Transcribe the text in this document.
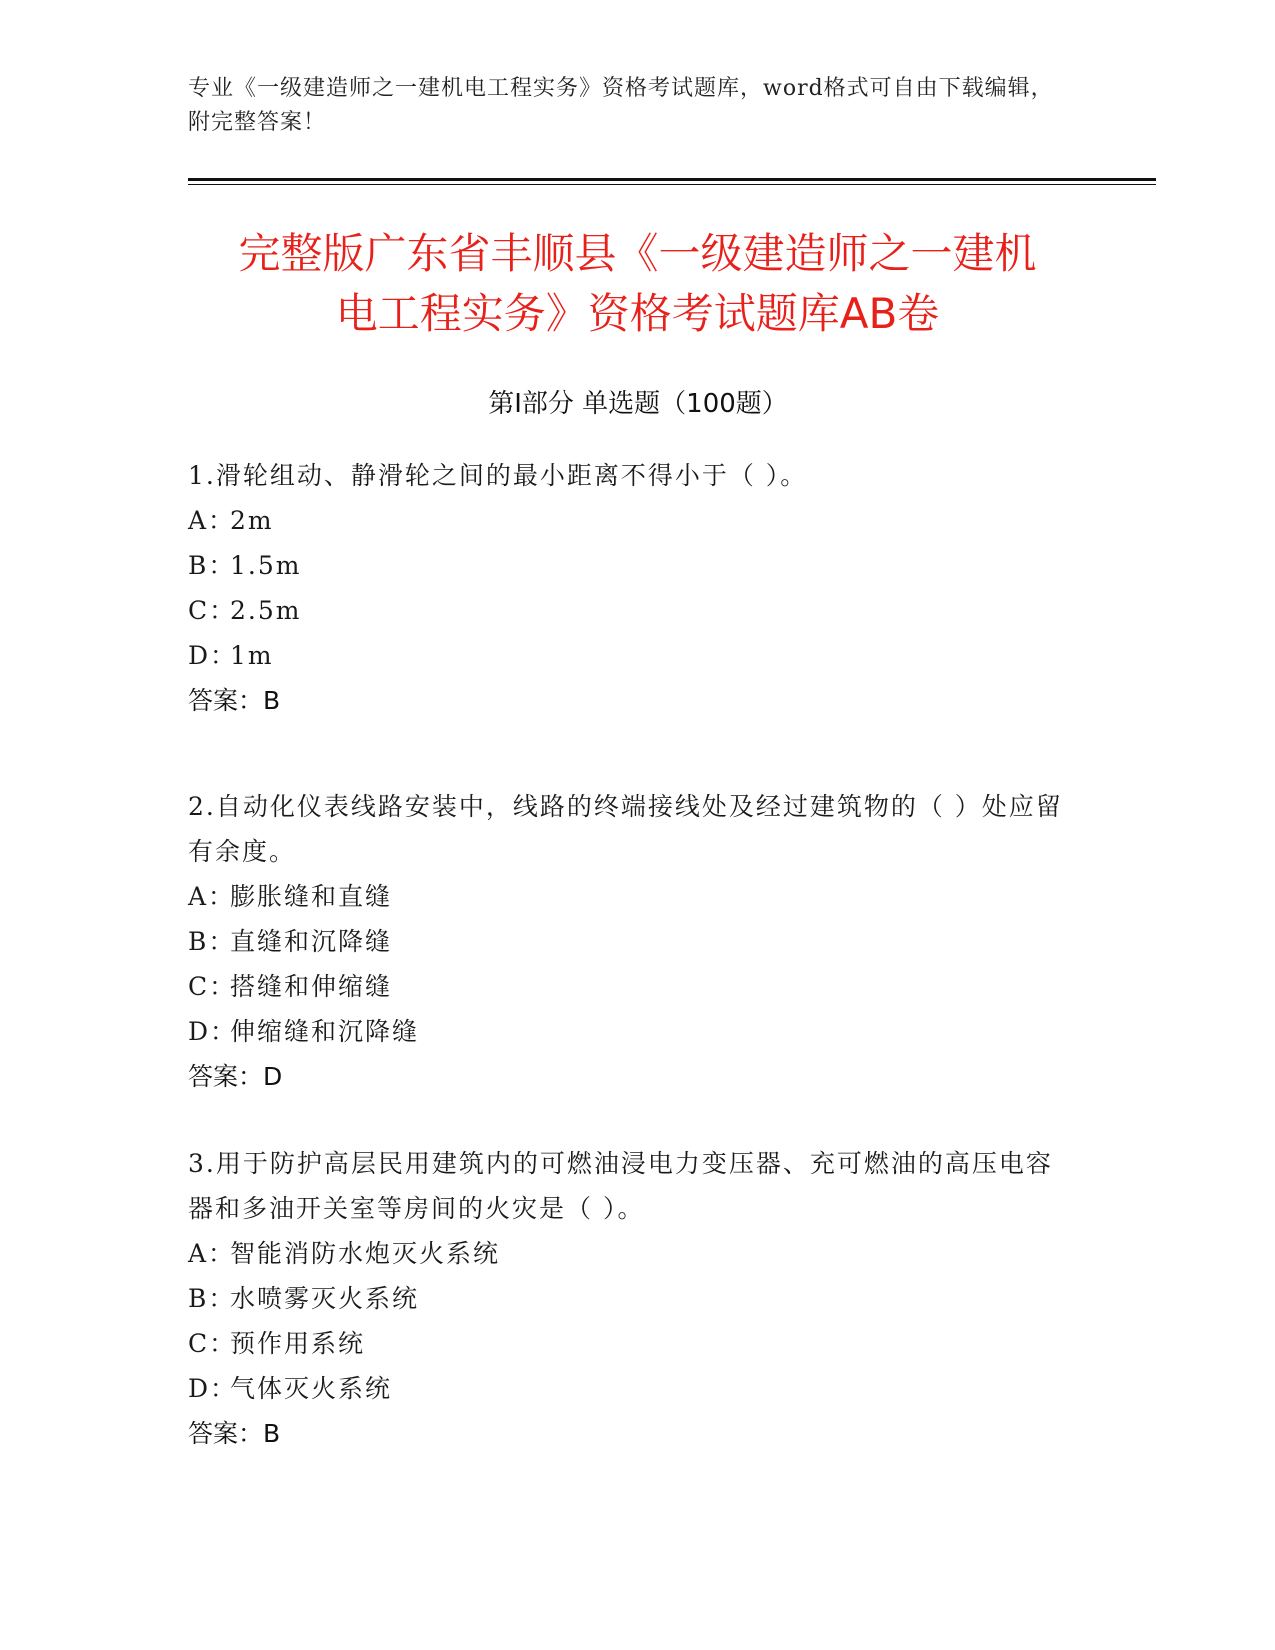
专业《一级建造师之一建机电工程实务》资格考试题库，word格式可自由下载编辑，附完整答案！
完整版广东省丰顺县《一级建造师之一建机
电工程实务》资格考试题库AB卷
第Ⅰ部分 单选题（100题）
1.滑轮组动、静滑轮之间的最小距离不得小于（ ）。
A：2m
B：1.5m
C：2.5m
D：1m
答案：B
2.自动化仪表线路安装中，线路的终端接线处及经过建筑物的（ ）处应留有余度。
A：膨胀缝和直缝
B：直缝和沉降缝
C：搭缝和伸缩缝
D：伸缩缝和沉降缝
答案：D
3.用于防护高层民用建筑内的可燃油浸电力变压器、充可燃油的高压电容器和多油开关室等房间的火灾是（ ）。
A：智能消防水炮灭火系统
B：水喷雾灭火系统
C：预作用系统
D：气体灭火系统
答案：B
